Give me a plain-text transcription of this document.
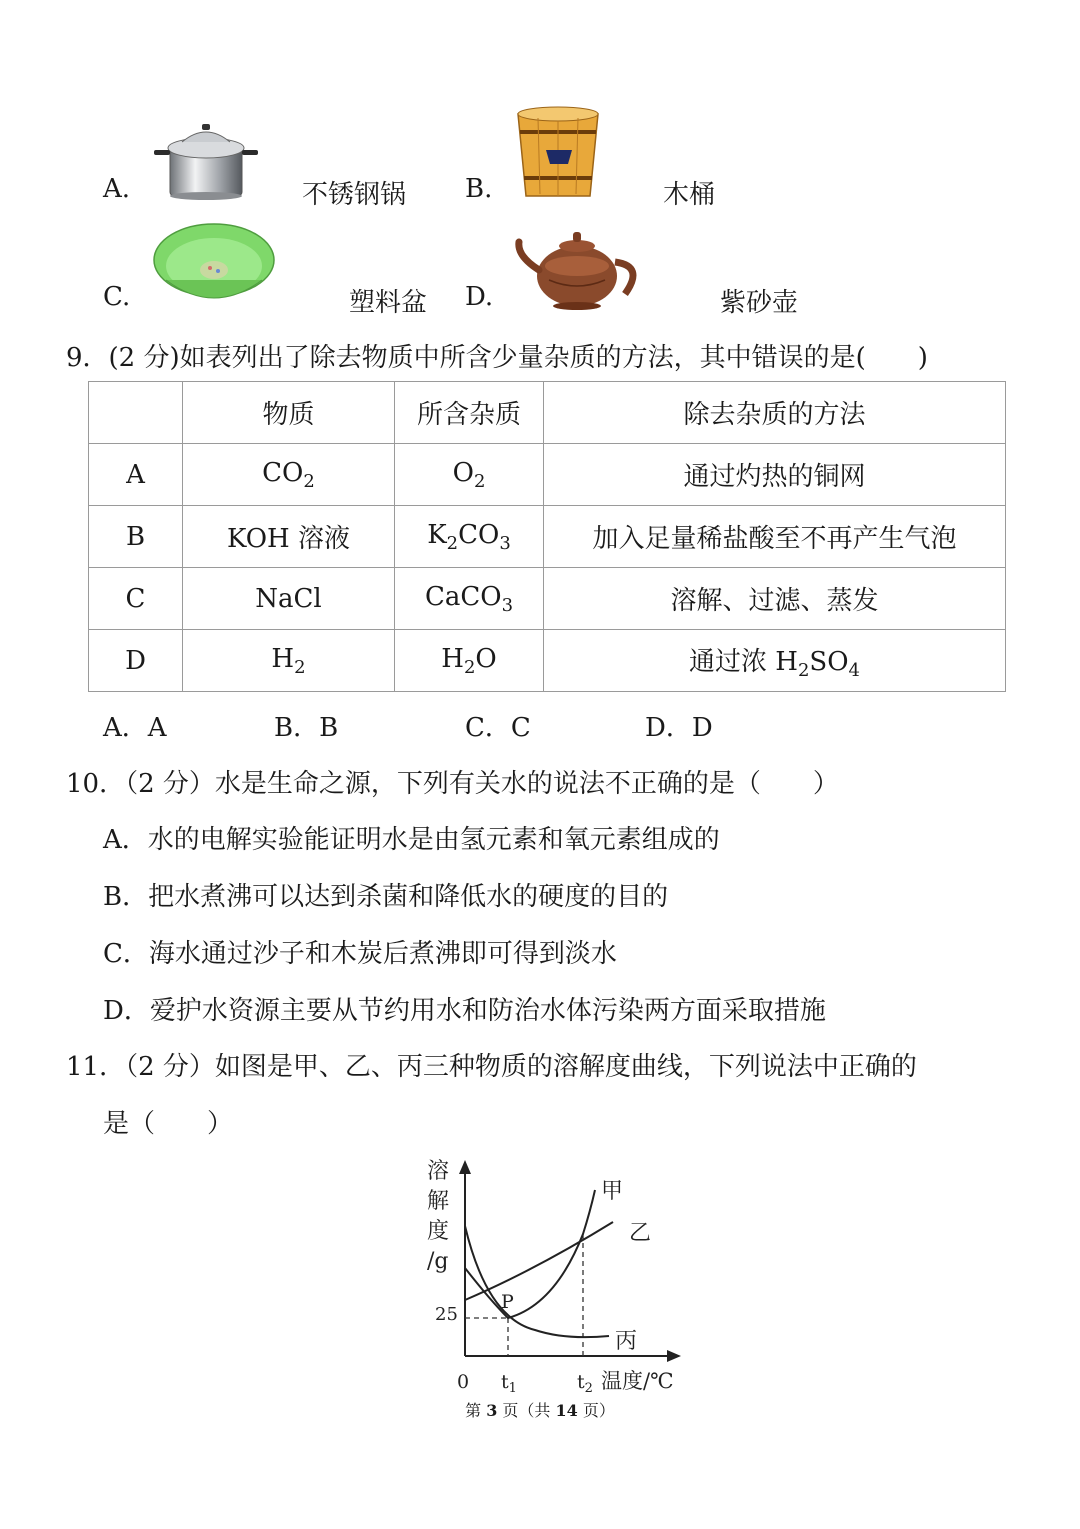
A.	不锈钢锅 B.	木桶
C.	塑料盆 D.	紫砂壶
9．(2 分)如表列出了除去物质中所含少量杂质的方法，其中错误的是(　　)
	物质	所含杂质	除去杂质的方法
A	$CO_2$	$O_2$	通过灼热的铜网
B	KOH 溶液	$K_2CO_3$	加入足量稀盐酸至不再产生气泡
C	NaCl	CaCO$_3$	溶解、过滤、蒸发
D	$H_2$	$H_2O$	通过浓 $H_2SO_4$
A．A	B．B	C．C	D．D
10．（2 分）水是生命之源，下列有关水的说法不正确的是（　　）
A．水的电解实验能证明水是由氢元素和氧元素组成的
B．把水煮沸可以达到杀菌和降低水的硬度的目的
C．海水通过沙子和木炭后煮沸即可得到淡水
D．爱护水资源主要从节约用水和防治水体污染两方面采取措施
11．（2 分）如图是甲、乙、丙三种物质的溶解度曲线，下列说法中正确的
是（　　）
溶
解
度
/g
甲
乙
丙
P
25
0 $t_1$	$t_2$ 温度/℃
第 3 页（共 14 页）
